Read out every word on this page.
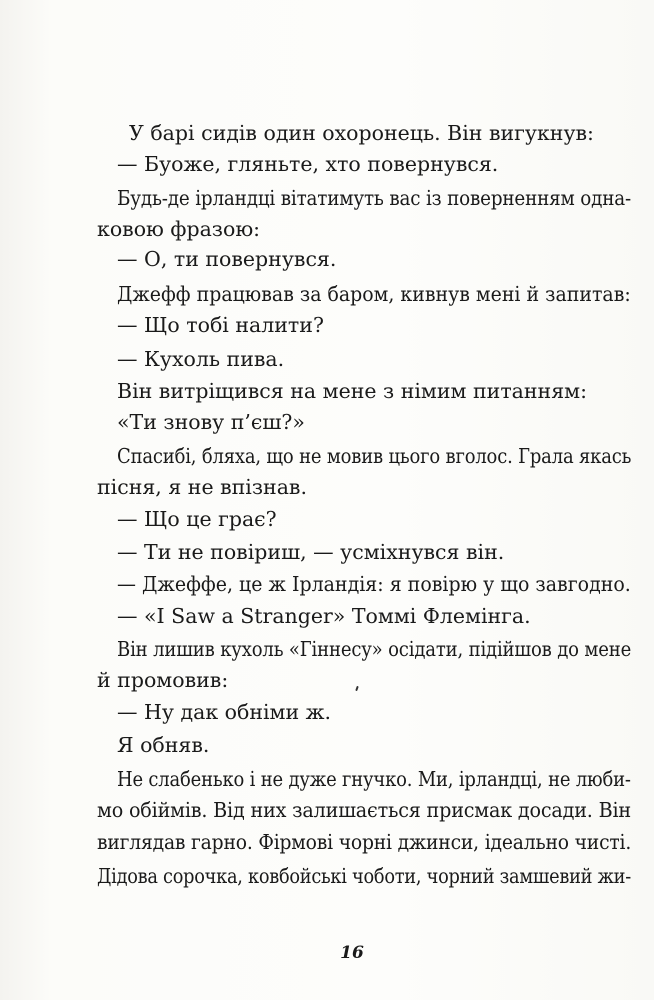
У барі сидів один охоронець. Він вигукнув:
— Буоже, гляньте, хто повернувся.
Будь-де ірландці вітатимуть вас із поверненням одна-
ковою фразою:
— О, ти повернувся.
Джефф працював за баром, кивнув мені й запитав:
— Що тобі налити?
— Кухоль пива.
Він витріщився на мене з німим питанням:
«Ти знову п’єш?»
Спасибі, бляха, що не мовив цього вголос. Грала якась
пісня, я не впізнав.
— Що це грає?
— Ти не повіриш, — усміхнувся він.
— Джеффе, це ж Ірландія: я повірю у що завгодно.
— «I Saw a Stranger» Томмі Флемінга.
Він лишив кухоль «Гіннесу» осідати, підійшов до мене
й промовив:
— Ну дак обніми ж.
Я обняв.
Не слабенько і не дуже гнучко. Ми, ірландці, не люби-
мо обіймів. Від них залишається присмак досади. Він
виглядав гарно. Фірмові чорні джинси, ідеально чисті.
Дідова сорочка, ковбойські чоботи, чорний замшевий жи-
16
